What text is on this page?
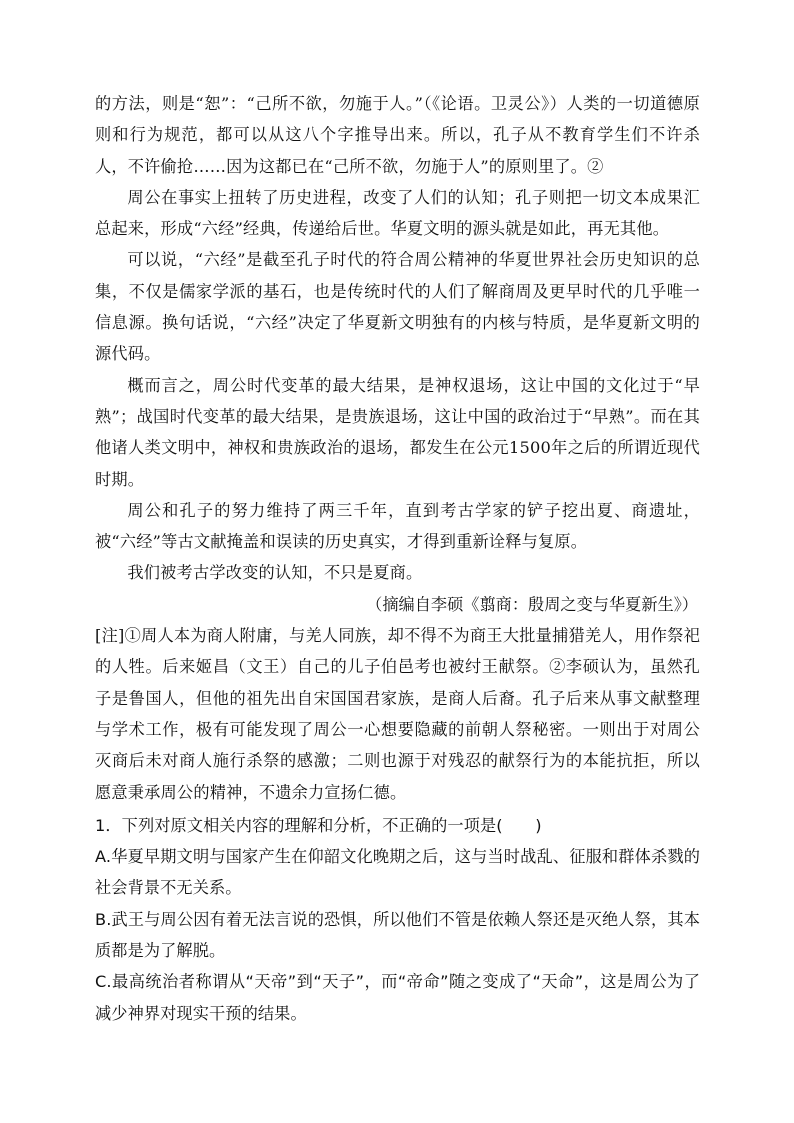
的方法，则是“恕”：“己所不欲，勿施于人。”（《论语。卫灵公》）人类的一切道德原则和行为规范，都可以从这八个字推导出来。所以，孔子从不教育学生们不许杀人，不许偷抢……因为这都已在“己所不欲，勿施于人”的原则里了。②

周公在事实上扭转了历史进程，改变了人们的认知；孔子则把一切文本成果汇总起来，形成“六经”经典，传递给后世。华夏文明的源头就是如此，再无其他。

可以说，“六经”是截至孔子时代的符合周公精神的华夏世界社会历史知识的总集，不仅是儒家学派的基石，也是传统时代的人们了解商周及更早时代的几乎唯一信息源。换句话说，“六经”决定了华夏新文明独有的内核与特质，是华夏新文明的源代码。

概而言之，周公时代变革的最大结果，是神权退场，这让中国的文化过于“早熟”；战国时代变革的最大结果，是贵族退场，这让中国的政治过于“早熟”。而在其他诸人类文明中，神权和贵族政治的退场，都发生在公元1500年之后的所谓近现代时期。

周公和孔子的努力维持了两三千年，直到考古学家的铲子挖出夏、商遗址，被“六经”等古文献掩盖和误读的历史真实，才得到重新诠释与复原。

我们被考古学改变的认知，不只是夏商。

（摘编自李硕《翦商：殷周之变与华夏新生》）

[注]①周人本为商人附庸，与羌人同族，却不得不为商王大批量捕猎羌人，用作祭祀的人牲。后来姬昌（文王）自己的儿子伯邑考也被纣王献祭。②李硕认为，虽然孔子是鲁国人，但他的祖先出自宋国国君家族，是商人后裔。孔子后来从事文献整理与学术工作，极有可能发现了周公一心想要隐藏的前朝人祭秘密。一则出于对周公灭商后未对商人施行杀祭的感激；二则也源于对残忍的献祭行为的本能抗拒，所以愿意秉承周公的精神，不遗余力宣扬仁德。

1．下列对原文相关内容的理解和分析，不正确的一项是(　　)

A.华夏早期文明与国家产生在仰韶文化晚期之后，这与当时战乱、征服和群体杀戮的社会背景不无关系。

B.武王与周公因有着无法言说的恐惧，所以他们不管是依赖人祭还是灭绝人祭，其本质都是为了解脱。

C.最高统治者称谓从“天帝”到“天子”，而“帝命”随之变成了“天命”，这是周公为了减少神界对现实干预的结果。
